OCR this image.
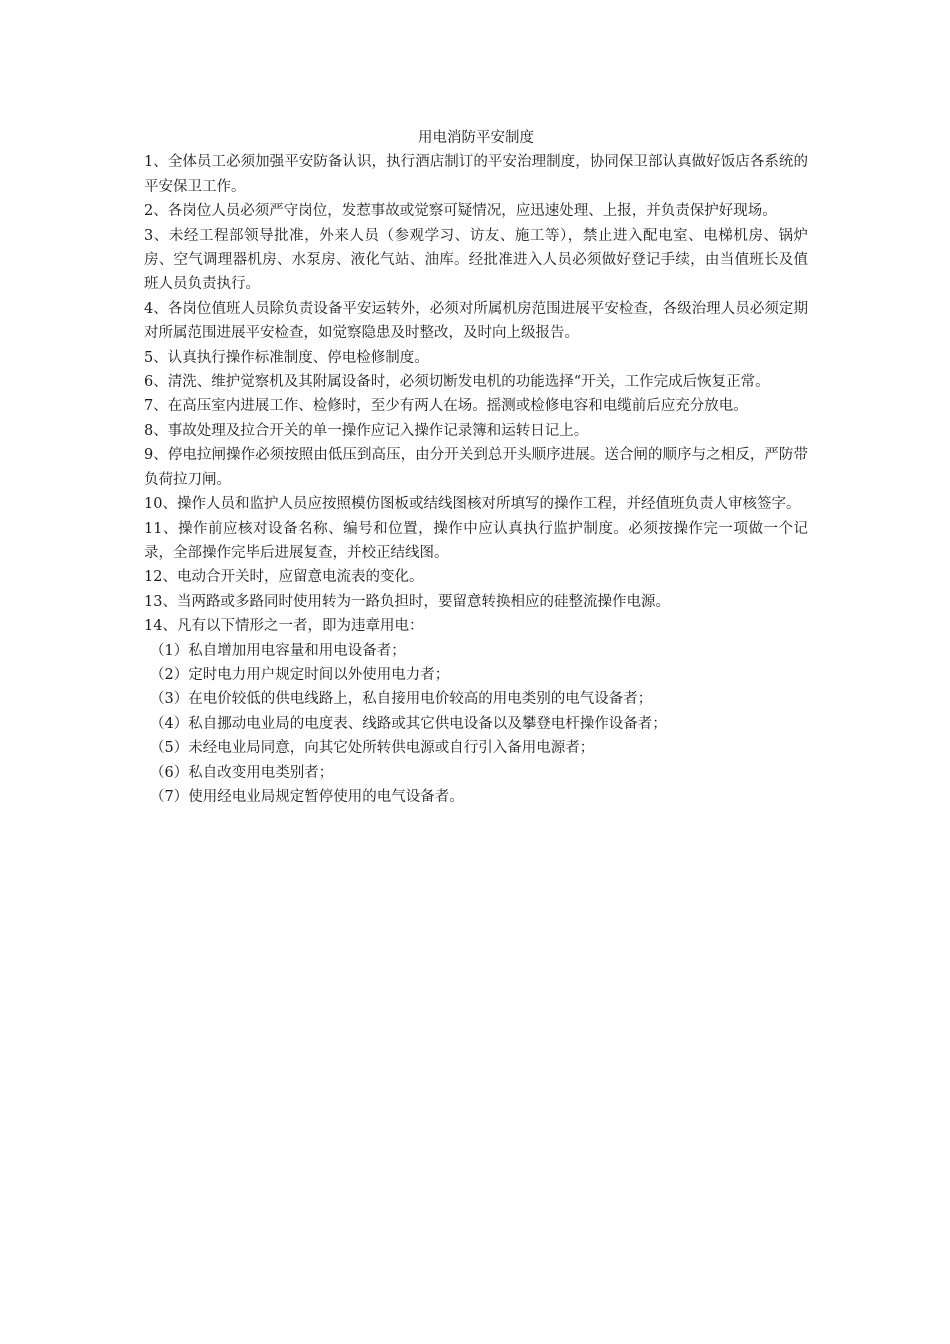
用电消防平安制度

1、全体员工必须加强平安防备认识，执行酒店制订的平安治理制度，协同保卫部认真做好饭店各系统的平安保卫工作。

2、各岗位人员必须严守岗位，发惹事故或觉察可疑情况，应迅速处理、上报，并负责保护好现场。

3、未经工程部领导批准，外来人员（参观学习、访友、施工等），禁止进入配电室、电梯机房、锅炉房、空气调理器机房、水泵房、液化气站、油库。经批准进入人员必须做好登记手续，由当值班长及值班人员负责执行。

4、各岗位值班人员除负责设备平安运转外，必须对所属机房范围进展平安检查，各级治理人员必须定期对所属范围进展平安检查，如觉察隐患及时整改，及时向上级报告。

5、认真执行操作标准制度、停电检修制度。

6、清洗、维护觉察机及其附属设备时，必须切断发电机的功能选择“开关，工作完成后恢复正常。

7、在高压室内进展工作、检修时，至少有两人在场。摇测或检修电容和电缆前后应充分放电。

8、事故处理及拉合开关的单一操作应记入操作记录簿和运转日记上。

9、停电拉闸操作必须按照由低压到高压，由分开关到总开头顺序进展。送合闸的顺序与之相反，严防带负荷拉刀闸。

10、操作人员和监护人员应按照模仿图板或结线图核对所填写的操作工程，并经值班负责人审核签字。

11、操作前应核对设备名称、编号和位置，操作中应认真执行监护制度。必须按操作完一项做一个记录，全部操作完毕后进展复查，并校正结线图。

12、电动合开关时，应留意电流表的变化。

13、当两路或多路同时使用转为一路负担时，要留意转换相应的硅整流操作电源。

14、凡有以下情形之一者，即为违章用电：

（1）私自增加用电容量和用电设备者；

（2）定时电力用户规定时间以外使用电力者；

（3）在电价较低的供电线路上，私自接用电价较高的用电类别的电气设备者；

（4）私自挪动电业局的电度表、线路或其它供电设备以及攀登电杆操作设备者；

（5）未经电业局同意，向其它处所转供电源或自行引入备用电源者；

（6）私自改变用电类别者；

（7）使用经电业局规定暂停使用的电气设备者。
